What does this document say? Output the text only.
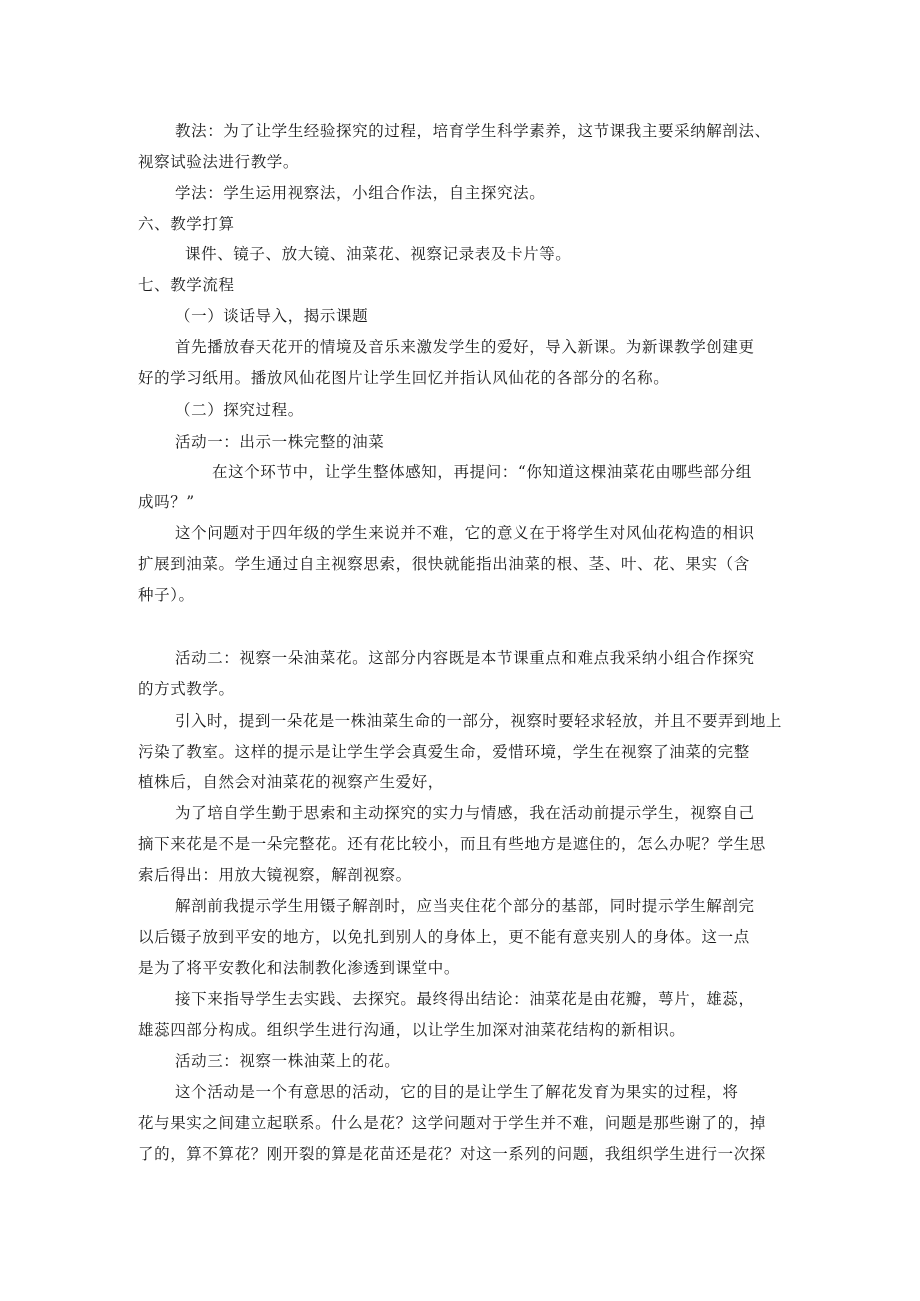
教法：为了让学生经验探究的过程，培育学生科学素养，这节课我主要采纳解剖法、
视察试验法进行教学。
学法：学生运用视察法，小组合作法，自主探究法。
六、教学打算
课件、镜子、放大镜、油菜花、视察记录表及卡片等。
七、教学流程
（一）谈话导入，揭示课题
首先播放春天花开的情境及音乐来激发学生的爱好，导入新课。为新课教学创建更
好的学习纸用。播放风仙花图片让学生回忆并指认风仙花的各部分的名称。
（二）探究过程。
活动一：出示一株完整的油菜
在这个环节中，让学生整体感知，再提问：“你知道这棵油菜花由哪些部分组
成吗？”
这个问题对于四年级的学生来说并不难，它的意义在于将学生对风仙花构造的相识
扩展到油菜。学生通过自主视察思索，很快就能指出油菜的根、茎、叶、花、果实（含
种子）。
活动二：视察一朵油菜花。这部分内容既是本节课重点和难点我采纳小组合作探究
的方式教学。
引入时，提到一朵花是一株油菜生命的一部分，视察时要轻求轻放，并且不要弄到地上
污染了教室。这样的提示是让学生学会真爱生命，爱惜环境，学生在视察了油菜的完整
植株后，自然会对油菜花的视察产生爱好，
为了培自学生勤于思索和主动探究的实力与情感，我在活动前提示学生，视察自己
摘下来花是不是一朵完整花。还有花比较小，而且有些地方是遮住的，怎么办呢？学生思
索后得出：用放大镜视察，解剖视察。
解剖前我提示学生用镊子解剖时，应当夹住花个部分的基部，同时提示学生解剖完
以后镊子放到平安的地方，以免扎到别人的身体上，更不能有意夹别人的身体。这一点
是为了将平安教化和法制教化渗透到课堂中。
接下来指导学生去实践、去探究。最终得出结论：油菜花是由花瓣，萼片，雄蕊，
雄蕊四部分构成。组织学生进行沟通，以让学生加深对油菜花结构的新相识。
活动三：视察一株油菜上的花。
这个活动是一个有意思的活动，它的目的是让学生了解花发育为果实的过程，将
花与果实之间建立起联系。什么是花？这学问题对于学生并不难，问题是那些谢了的，掉
了的，算不算花？刚开裂的算是花苗还是花？对这一系列的问题，我组织学生进行一次探
